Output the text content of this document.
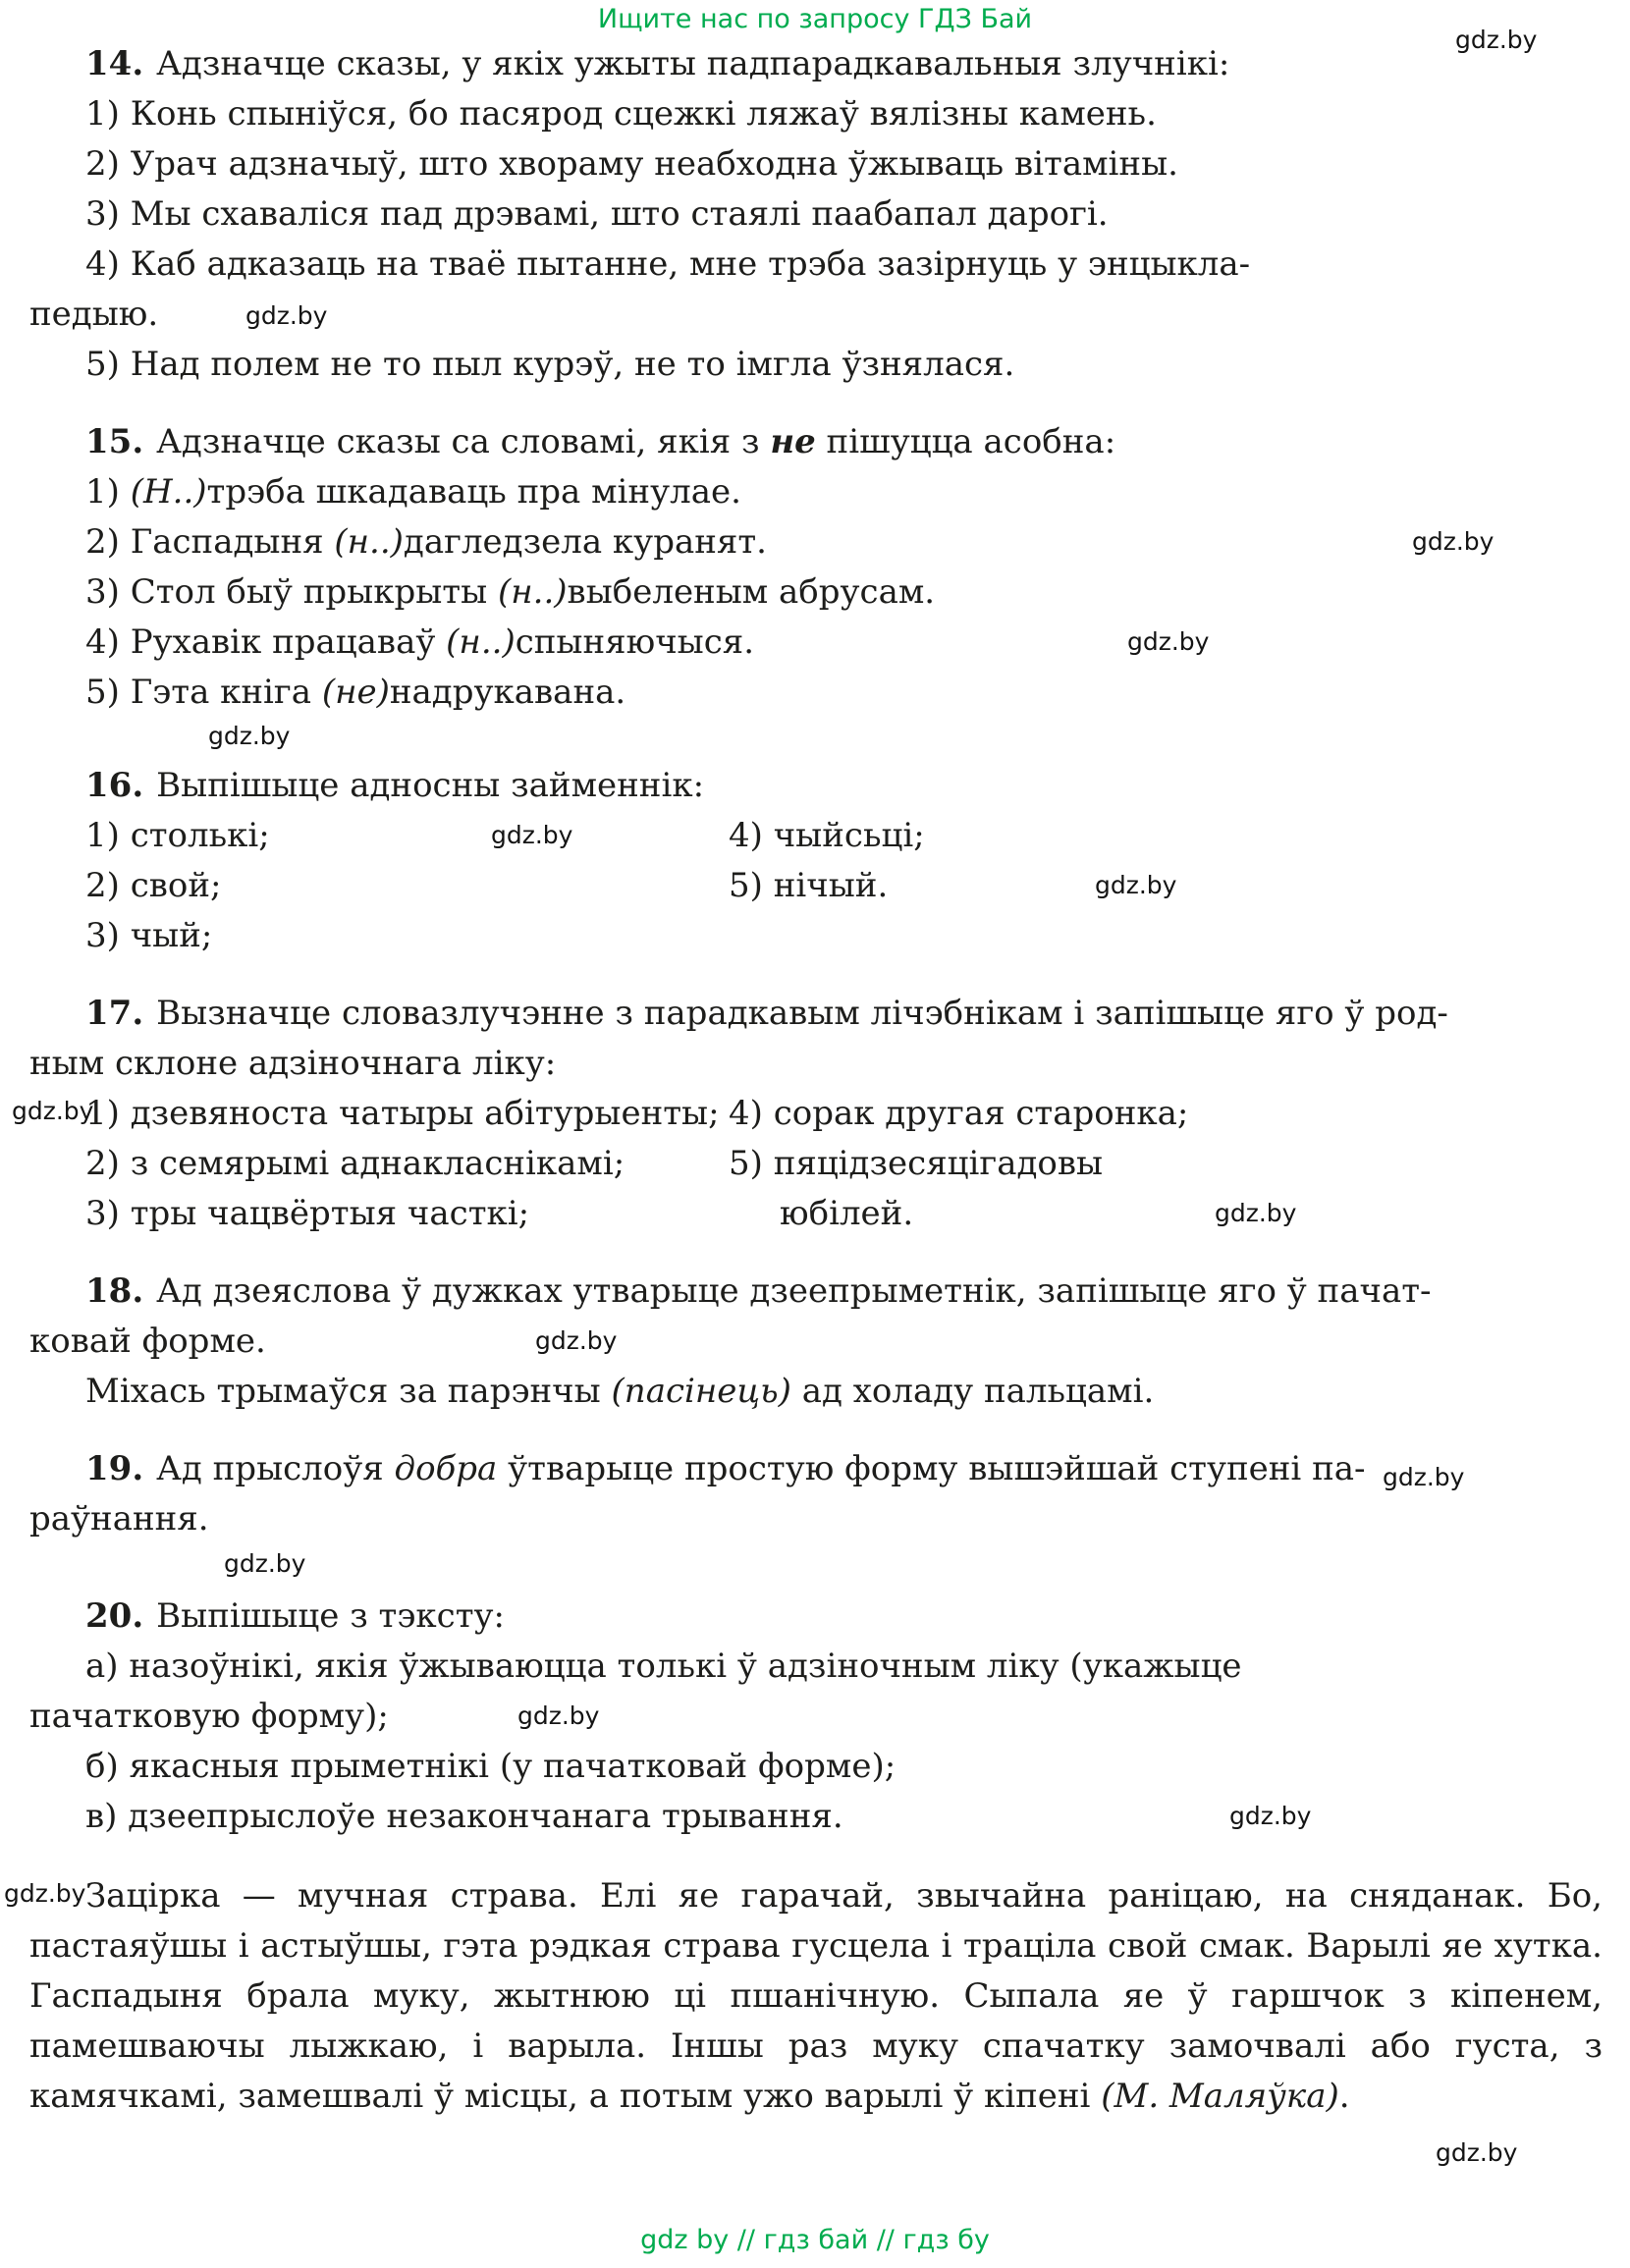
Ищите нас по запросу ГДЗ Бай
gdz.by
gdz.by
gdz.by
gdz.by
gdz.by
gdz.by
gdz.by
gdz.by
gdz.by
gdz.by
gdz.by
gdz.by
gdz.by
gdz.by
gdz.by
gdz.by

14. Адзначце сказы, у якіх ужыты падпарадкавальныя злучнікі:

1) Конь спыніўся, бо пасярод сцежкі ляжаў вялізны камень.

2) Урач адзначыў, што хвораму неабходна ўжываць вітаміны.

3) Мы схаваліся пад дрэвамі, што стаялі паабапал дарогі.

4) Каб адказаць на тваё пытанне, мне трэба зазірнуць у энцыкла-
педыю.

5) Над полем не то пыл курэў, не то імгла ўзнялася.

15. Адзначце сказы са словамі, якія з не пішуцца асобна:

1) (Н..)трэба шкадаваць пра мінулае.

2) Гаспадыня (н..)дагледзела куранят.

3) Стол быў прыкрыты (н..)выбеленым абрусам.

4) Рухавік працаваў (н..)спыняючыся.

5) Гэта кніга (не)надрукавана.

16. Выпішыце адносны займеннік:

1) столькі;	4) чыйсьці;
2) свой;	5) нічый.
3) чый;

17. Вызначце словазлучэнне з парадкавым лічэбнікам і запішыце яго ў род-
ным склоне адзіночнага ліку:

1) дзевяноста чатыры абітурыенты; 4) сорак другая старонка;
2) з семярымі аднакласнікамі;	5) пяцідзесяцігадовы
3) тры чацвёртыя часткі;	юбілей.

18. Ад дзеяслова ў дужках утварыце дзеепрыметнік, запішыце яго ў пачат-
ковай форме.

Міхась трымаўся за парэнчы (пасінець) ад холаду пальцамі.

19. Ад прыслоўя добра ўтварыце простую форму вышэйшай ступені па-
раўнання.

20. Выпішыце з тэксту:

а) назоўнікі, якія ўжываюцца толькі ў адзіночным ліку (укажыце
пачатковую форму);

б) якасныя прыметнікі (у пачатковай форме);

в) дзеепрыслоўе незакончанага трывання.

Зацірка — мучная страва. Елі яе гарачай, звычайна раніцаю, на сняданак. Бо, пастаяўшы і астыўшы, гэта рэдкая страва гусцела і траціла свой смак. Варылі яе хутка. Гаспадыня брала муку, жытнюю ці пшанічную. Сыпала яе ў гаршчок з кіпенем, памешваючы лыжкаю, і варыла. Іншы раз муку спачатку замочвалі або густа, з камячкамі, замешвалі ў місцы, а потым ужо варылі ў кіпені (М. Маляўка).

gdz by // гдз бай // гдз бу
